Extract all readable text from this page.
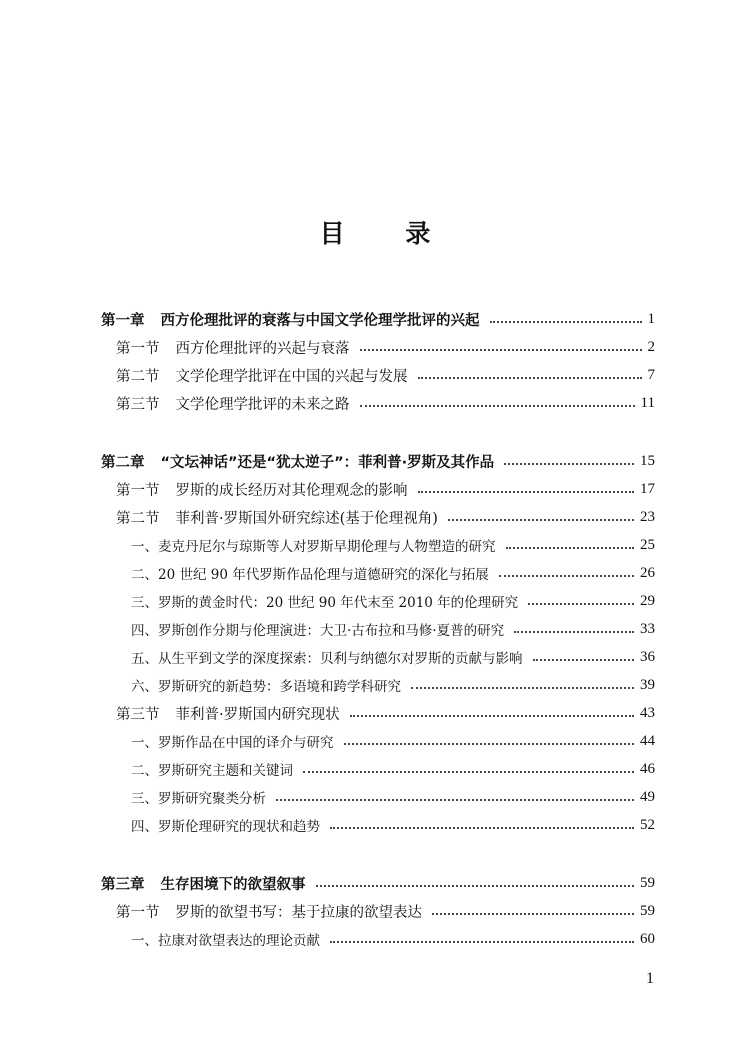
目 录
第一章 西方伦理批评的衰落与中国文学伦理学批评的兴起	1
第一节 西方伦理批评的兴起与衰落	2
第二节 文学伦理学批评在中国的兴起与发展	7
第三节 文学伦理学批评的未来之路	11
第二章 “文坛神话”还是“犹太逆子”：菲利普·罗斯及其作品	15
第一节 罗斯的成长经历对其伦理观念的影响	17
第二节 菲利普·罗斯国外研究综述(基于伦理视角)	23
一、麦克丹尼尔与琼斯等人对罗斯早期伦理与人物塑造的研究	25
二、20 世纪 90 年代罗斯作品伦理与道德研究的深化与拓展	26
三、罗斯的黄金时代：20 世纪 90 年代末至 2010 年的伦理研究	29
四、罗斯创作分期与伦理演进：大卫·古布拉和马修·夏普的研究	33
五、从生平到文学的深度探索：贝利与纳德尔对罗斯的贡献与影响	36
六、罗斯研究的新趋势：多语境和跨学科研究	39
第三节 菲利普·罗斯国内研究现状	43
一、罗斯作品在中国的译介与研究	44
二、罗斯研究主题和关键词	46
三、罗斯研究聚类分析	49
四、罗斯伦理研究的现状和趋势	52
第三章 生存困境下的欲望叙事	59
第一节 罗斯的欲望书写：基于拉康的欲望表达	59
一、拉康对欲望表达的理论贡献	60
1
